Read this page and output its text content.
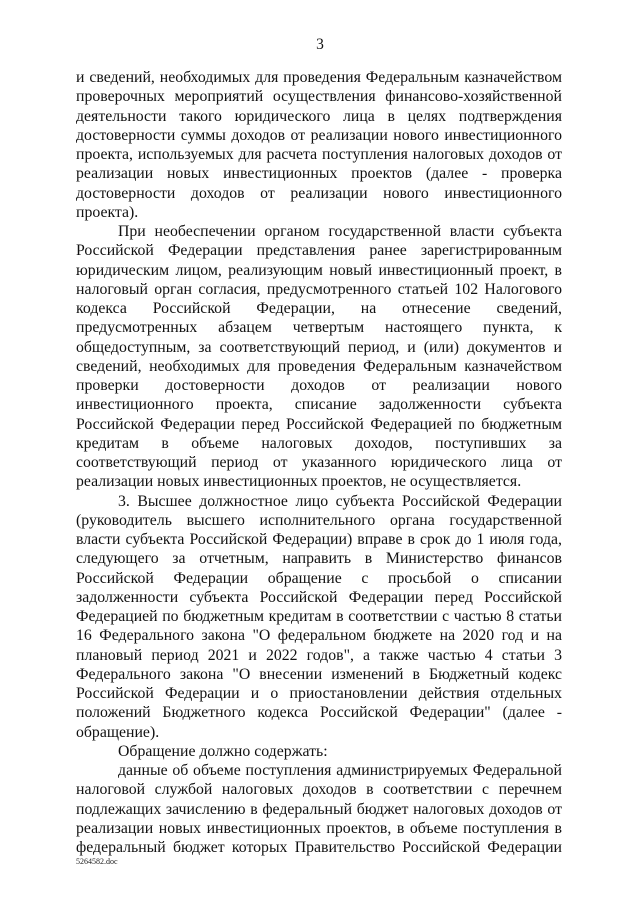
3

и сведений, необходимых для проведения Федеральным казначейством проверочных мероприятий осуществления финансово-хозяйственной деятельности такого юридического лица в целях подтверждения достоверности суммы доходов от реализации нового инвестиционного проекта, используемых для расчета поступления налоговых доходов от реализации новых инвестиционных проектов (далее - проверка достоверности доходов от реализации нового инвестиционного проекта).

При необеспечении органом государственной власти субъекта Российской Федерации представления ранее зарегистрированным юридическим лицом, реализующим новый инвестиционный проект, в налоговый орган согласия, предусмотренного статьей 102 Налогового кодекса Российской Федерации, на отнесение сведений, предусмотренных абзацем четвертым настоящего пункта, к общедоступным, за соответствующий период, и (или) документов и сведений, необходимых для проведения Федеральным казначейством проверки достоверности доходов от реализации нового инвестиционного проекта, списание задолженности субъекта Российской Федерации перед Российской Федерацией по бюджетным кредитам в объеме налоговых доходов, поступивших за соответствующий период от указанного юридического лица от реализации новых инвестиционных проектов, не осуществляется.

3. Высшее должностное лицо субъекта Российской Федерации (руководитель высшего исполнительного органа государственной власти субъекта Российской Федерации) вправе в срок до 1 июля года, следующего за отчетным, направить в Министерство финансов Российской Федерации обращение с просьбой о списании задолженности субъекта Российской Федерации перед Российской Федерацией по бюджетным кредитам в соответствии с частью 8 статьи 16 Федерального закона "О федеральном бюджете на 2020 год и на плановый период 2021 и 2022 годов", а также частью 4 статьи 3 Федерального закона "О внесении изменений в Бюджетный кодекс Российской Федерации и о приостановлении действия отдельных положений Бюджетного кодекса Российской Федерации" (далее - обращение).

Обращение должно содержать:

данные об объеме поступления администрируемых Федеральной налоговой службой налоговых доходов в соответствии с перечнем подлежащих зачислению в федеральный бюджет налоговых доходов от реализации новых инвестиционных проектов, в объеме поступления в федеральный бюджет которых Правительство Российской Федерации

5264582.doc
